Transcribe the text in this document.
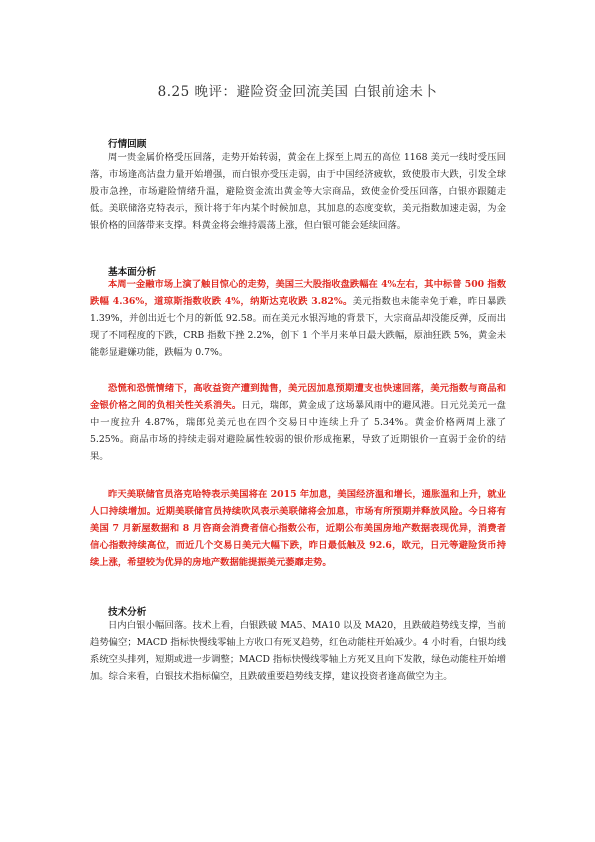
8.25 晚评：避险资金回流美国 白银前途未卜
行情回顾

周一贵金属价格受压回落，走势开始转弱，黄金在上探至上周五的高位 1168 美元一线时受压回落，市场逢高沽盘力量开始增强，而白银亦受压走弱，由于中国经济疲软，致使股市大跌，引发全球股市急挫，市场避险情绪升温，避险资金流出黄金等大宗商品，致使金价受压回落，白银亦跟随走低。美联储洛克特表示，预计将于年内某个时候加息，其加息的态度变软，美元指数加速走弱，为金银价格的回落带来支撑。料黄金将会维持震荡上涨，但白银可能会延续回落。

基本面分析

本周一金融市场上演了触目惊心的走势，美国三大股指收盘跌幅在 4%左右，其中标普 500 指数跌幅 4.36%，道琼斯指数收跌 4%，纳斯达克收跌 3.82%。美元指数也未能幸免于难，昨日暴跌 1.39%，并创出近七个月的新低 92.58。而在美元水银泻地的背景下，大宗商品却没能反弹，反而出现了不同程度的下跌，CRB 指数下挫 2.2%，创下 1 个半月来单日最大跌幅，原油狂跌 5%，黄金未能彰显避嫌功能，跌幅为 0.7%。

恐慌和恐慌情绪下，高收益资产遭到抛售，美元因加息预期遭支也快速回落，美元指数与商品和金银价格之间的负相关性关系消失。日元，瑞郎，黄金成了这场暴风雨中的避风港。日元兑美元一盘中一度拉升 4.87%，瑞郎兑美元也在四个交易日中连续上升了 5.34%。黄金价格两周上涨了 5.25%。商品市场的持续走弱对避险属性较弱的银价形成拖累，导致了近期银价一直弱于金价的结果。

昨天美联储官员洛克哈特表示美国将在 2015 年加息，美国经济温和增长，通胀温和上升，就业人口持续增加。近期美联储官员持续吹风表示美联储将会加息，市场有所预期并释放风险。今日将有美国 7 月新屋数据和 8 月咨商会消费者信心指数公布，近期公布美国房地产数据表现优异，消费者信心指数持续高位，而近几个交易日美元大幅下跌，昨日最低触及 92.6，欧元，日元等避险货币持续上涨，希望较为优异的房地产数据能提振美元萎靡走势。

技术分析

日内白银小幅回落。技术上看，白银跌破 MA5、MA10 以及 MA20，且跌破趋势线支撑，当前趋势偏空；MACD 指标快慢线零轴上方收口有死叉趋势，红色动能柱开始减少。4 小时看，白银均线系统空头排列，短期或进一步调整；MACD 指标快慢线零轴上方死叉且向下发散，绿色动能柱开始增加。综合来看，白银技术指标偏空，且跌破重要趋势线支撑，建议投资者逢高做空为主。
